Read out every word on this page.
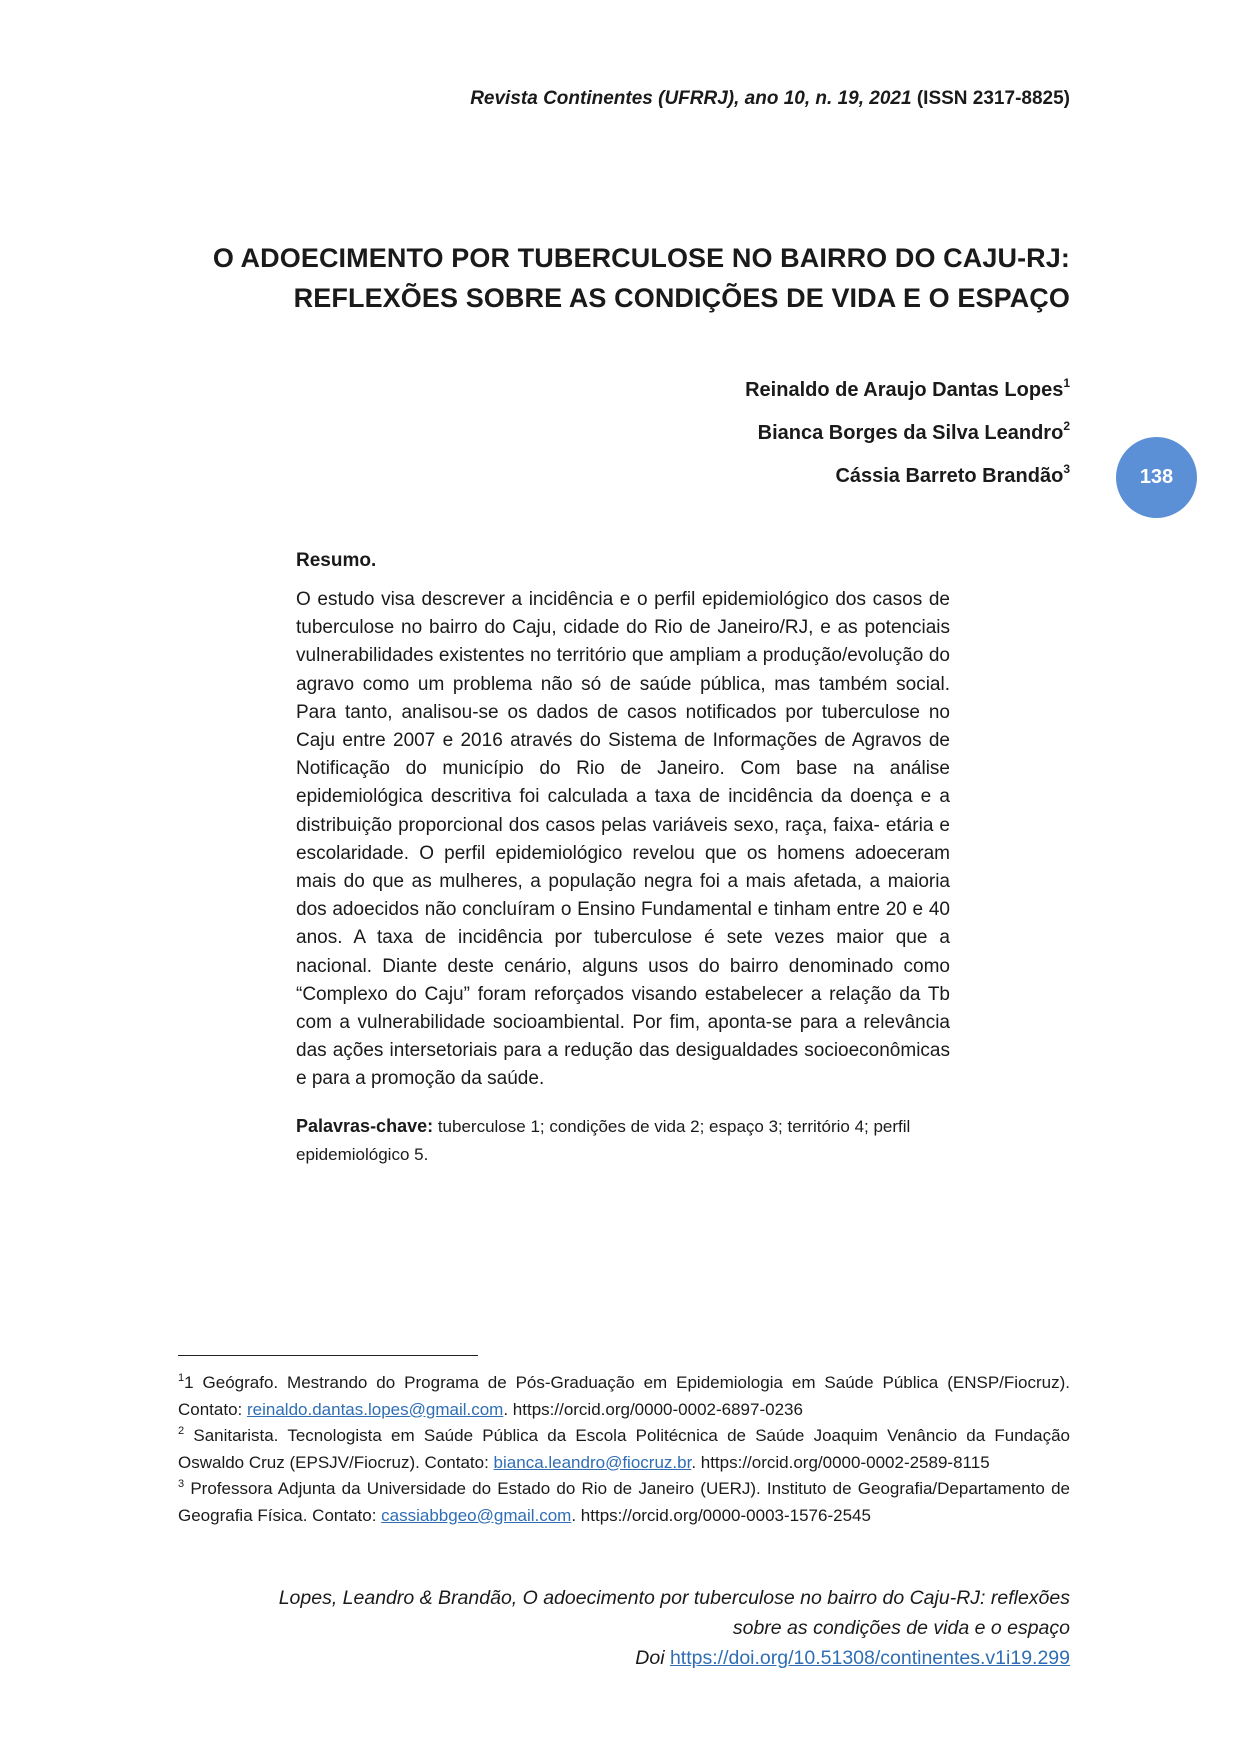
Revista Continentes (UFRRJ), ano 10, n. 19, 2021 (ISSN 2317-8825)
O ADOECIMENTO POR TUBERCULOSE NO BAIRRO DO CAJU-RJ:
REFLEXÕES SOBRE AS CONDIÇÕES DE VIDA E O ESPAÇO
Reinaldo de Araujo Dantas Lopes$^1$
Bianca Borges da Silva Leandro$^2$
Cássia Barreto Brandão$^3$	138
Resumo.

O estudo visa descrever a incidência e o perfil epidemiológico dos casos de tuberculose no bairro do Caju, cidade do Rio de Janeiro/RJ, e as potenciais vulnerabilidades existentes no território que ampliam a produção/evolução do agravo como um problema não só de saúde pública, mas também social. Para tanto, analisou-se os dados de casos notificados por tuberculose no Caju entre 2007 e 2016 através do Sistema de Informações de Agravos de Notificação do município do Rio de Janeiro. Com base na análise epidemiológica descritiva foi calculada a taxa de incidência da doença e a distribuição proporcional dos casos pelas variáveis sexo, raça, faixa- etária e escolaridade. O perfil epidemiológico revelou que os homens adoeceram mais do que as mulheres, a população negra foi a mais afetada, a maioria dos adoecidos não concluíram o Ensino Fundamental e tinham entre 20 e 40 anos. A taxa de incidência por tuberculose é sete vezes maior que a nacional. Diante deste cenário, alguns usos do bairro denominado como “Complexo do Caju” foram reforçados visando estabelecer a relação da Tb com a vulnerabilidade socioambiental. Por fim, aponta-se para a relevância das ações intersetoriais para a redução das desigualdades socioeconômicas e para a promoção da saúde.

Palavras-chave: tuberculose 1; condições de vida 2; espaço 3; território 4; perfil epidemiológico 5.
$^1$1 Geógrafo. Mestrando do Programa de Pós-Graduação em Epidemiologia em Saúde Pública (ENSP/Fiocruz). Contato: reinaldo.dantas.lopes@gmail.com. https://orcid.org/0000-0002-6897-0236
$^2$ Sanitarista. Tecnologista em Saúde Pública da Escola Politécnica de Saúde Joaquim Venâncio da Fundação Oswaldo Cruz (EPSJV/Fiocruz). Contato: bianca.leandro@fiocruz.br. https://orcid.org/0000-0002-2589-8115
$^3$ Professora Adjunta da Universidade do Estado do Rio de Janeiro (UERJ). Instituto de Geografia/Departamento de Geografia Física. Contato: cassiabbgeo@gmail.com. https://orcid.org/0000-0003-1576-2545
Lopes, Leandro & Brandão, O adoecimento por tuberculose no bairro do Caju-RJ: reflexões
sobre as condições de vida e o espaço
Doi https://doi.org/10.51308/continentes.v1i19.299
